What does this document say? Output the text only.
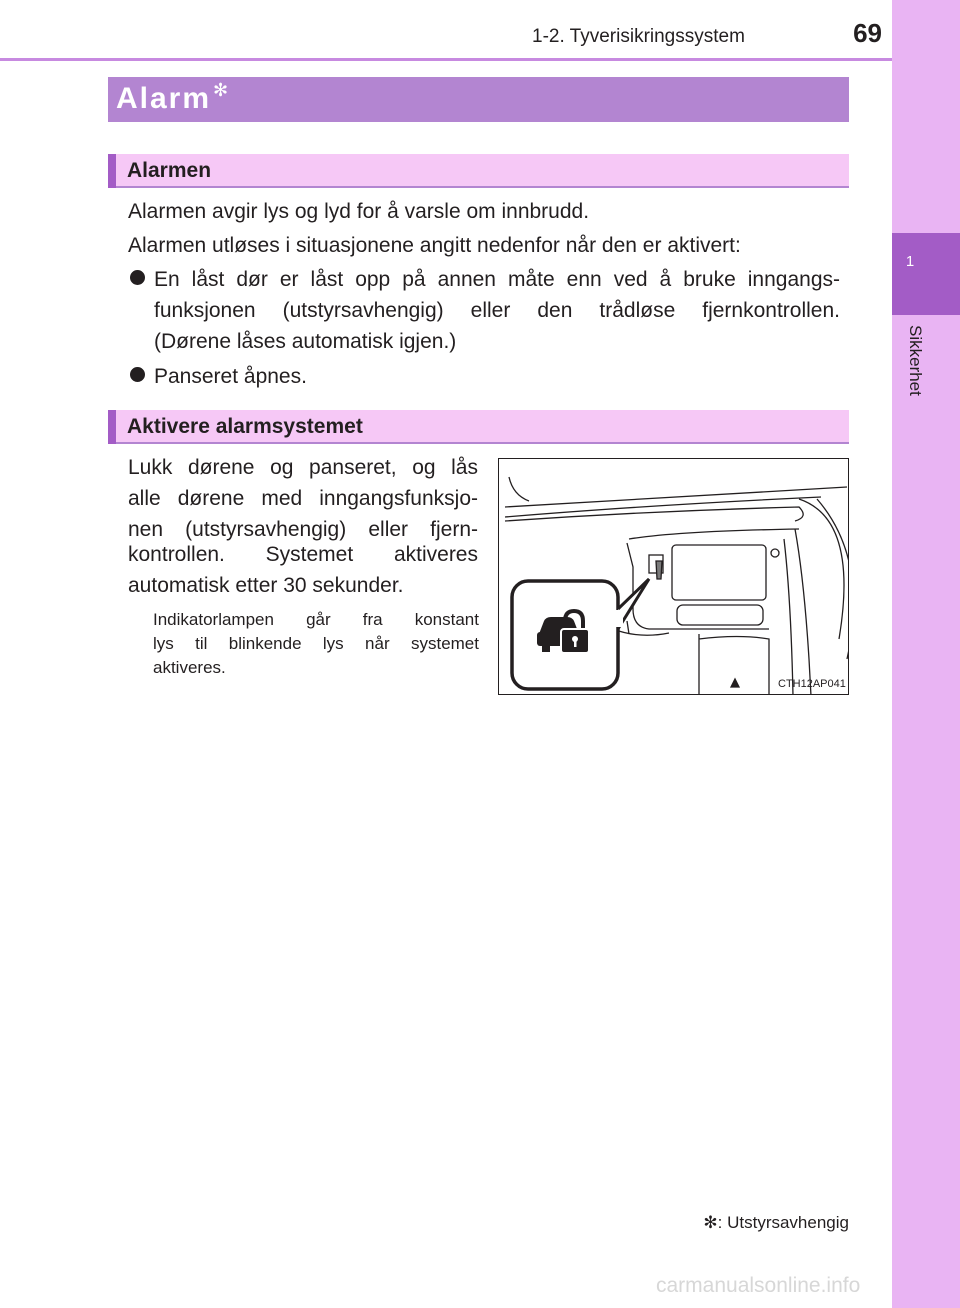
1
Sikkerhet
1-2. Tyverisikringssystem	69
Alarm ✻
Alarmen
Alarmen avgir lys og lyd for å varsle om innbrudd.
Alarmen utløses i situasjonene angitt nedenfor når den er aktivert:
En låst dør er låst opp på annen måte enn ved å bruke inngangs-
funksjonen (utstyrsavhengig) eller den trådløse fjernkontrollen.
(Dørene låses automatisk igjen.)
Panseret åpnes.
Aktivere alarmsystemet
Lukk dørene og panseret, og lås
alle dørene med inngangsfunksjo-
nen (utstyrsavhengig) eller fjern-
kontrollen. Systemet aktiveres
automatisk etter 30 sekunder.
Indikatorlampen går fra konstant
lys til blinkende lys når systemet
aktiveres.
CTH12AP041
✻: Utstyrsavhengig
carmanualsonline.info
